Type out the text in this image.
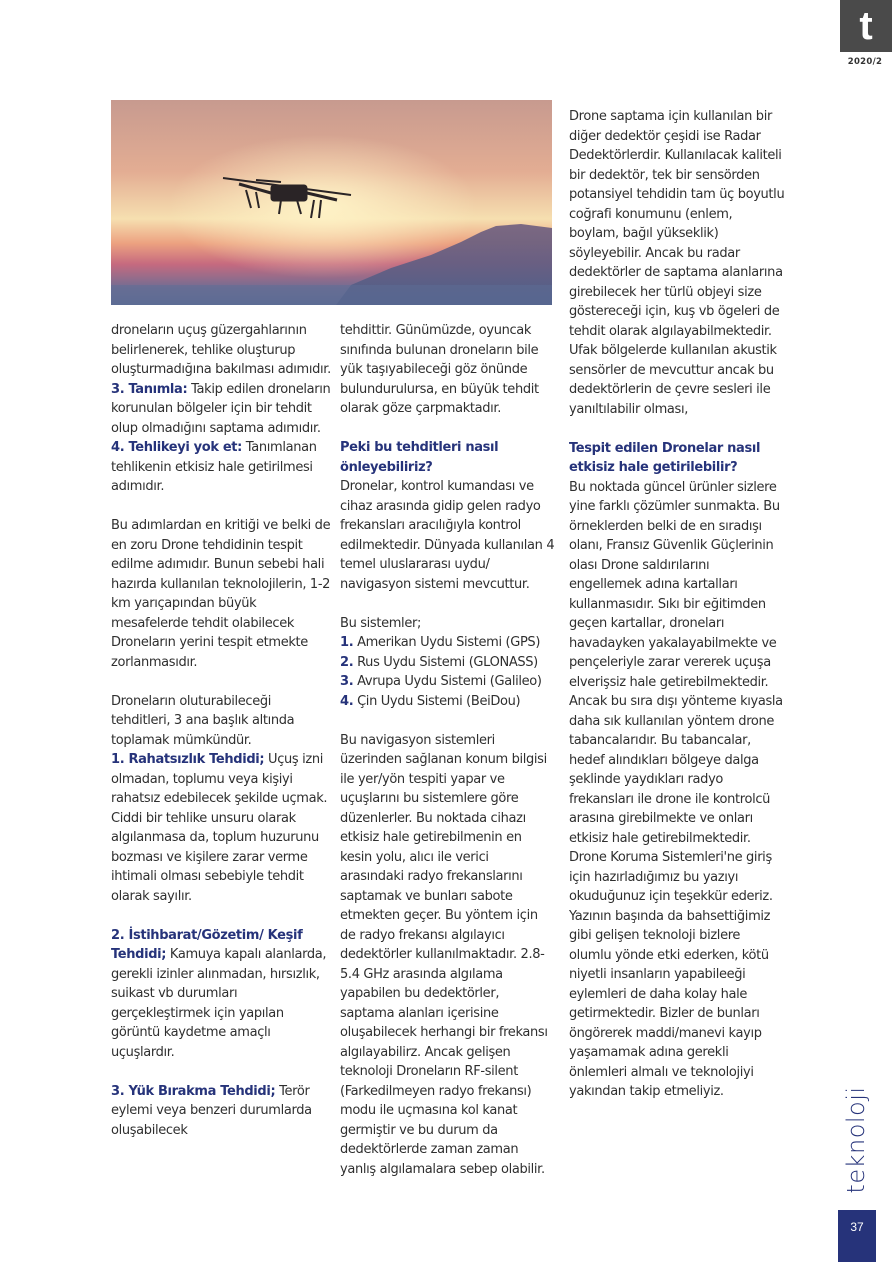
t
2020/2

droneların uçuş güzergahlarının belirlenerek, tehlike oluşturup oluşturmadığına bakılması adımıdır.

3. Tanımla: Takip edilen droneların korunulan bölgeler için bir tehdit olup olmadığını saptama adımıdır.

4. Tehlikeyi yok et: Tanımlanan tehlikenin etkisiz hale getirilmesi adımıdır.

Bu adımlardan en kritiği ve belki de en zoru Drone tehdidinin tespit edilme adımıdır. Bunun sebebi hali hazırda kullanılan teknolojilerin, 1-2 km yarıçapından büyük mesafelerde tehdit olabilecek Droneların yerini tespit etmekte zorlanmasıdır.

Droneların oluturabileceği tehditleri, 3 ana başlık altında toplamak mümkündür.

1. Rahatsızlık Tehdidi; Uçuş izni olmadan, toplumu veya kişiyi rahatsız edebilecek şekilde uçmak. Ciddi bir tehlike unsuru olarak algılanmasa da, toplum huzurunu bozması ve kişilere zarar verme ihtimali olması sebebiyle tehdit olarak sayılır.

2. İstihbarat/Gözetim/ Keşif Tehdidi; Kamuya kapalı alanlarda, gerekli izinler alınmadan, hırsızlık, suikast vb durumları gerçekleştirmek için yapılan görüntü kaydetme amaçlı uçuşlardır.

3. Yük Bırakma Tehdidi; Terör eylemi veya benzeri durumlarda oluşabilecek

tehdittir. Günümüzde, oyuncak sınıfında bulunan droneların bile yük taşıyabileceği göz önünde bulundurulursa, en büyük tehdit olarak göze çarpmaktadır.

Peki bu tehditleri nasıl önleyebiliriz?

Dronelar, kontrol kumandası ve cihaz arasında gidip gelen radyo frekansları aracılığıyla kontrol edilmektedir. Dünyada kullanılan 4 temel uluslararası uydu/ navigasyon sistemi mevcuttur.

Bu sistemler;

1. Amerikan Uydu Sistemi (GPS)

2. Rus Uydu Sistemi (GLONASS)

3. Avrupa Uydu Sistemi (Galileo)

4. Çin Uydu Sistemi (BeiDou)

Bu navigasyon sistemleri üzerinden sağlanan konum bilgisi ile yer/yön tespiti yapar ve uçuşlarını bu sistemlere göre düzenlerler. Bu noktada cihazı etkisiz hale getirebilmenin en kesin yolu, alıcı ile verici arasındaki radyo frekanslarını saptamak ve bunları sabote etmekten geçer. Bu yöntem için de radyo frekansı algılayıcı dedektörler kullanılmaktadır. 2.8-5.4 GHz arasında algılama yapabilen bu dedektörler, saptama alanları içerisine oluşabilecek herhangi bir frekansı algılayabilirz. Ancak gelişen teknoloji Droneların RF-silent (Farkedilmeyen radyo frekansı) modu ile uçmasına kol kanat germiştir ve bu durum da dedektörlerde zaman zaman yanlış algılamalara sebep olabilir.

Drone saptama için kullanılan bir diğer dedektör çeşidi ise Radar Dedektörlerdir. Kullanılacak kaliteli bir dedektör, tek bir sensörden potansiyel tehdidin tam üç boyutlu coğrafi konumunu (enlem, boylam, bağıl yükseklik) söyleyebilir. Ancak bu radar dedektörler de saptama alanlarına girebilecek her türlü objeyi size göstereceği için, kuş vb ögeleri de tehdit olarak algılayabilmektedir. Ufak bölgelerde kullanılan akustik sensörler de mevcuttur ancak bu dedektörlerin de çevre sesleri ile yanıltılabilir olması,

Tespit edilen Dronelar nasıl etkisiz hale getirilebilir?

Bu noktada güncel ürünler sizlere yine farklı çözümler sunmakta. Bu örneklerden belki de en sıradışı olanı, Fransız Güvenlik Güçlerinin olası Drone saldırılarını engellemek adına kartalları kullanmasıdır. Sıkı bir eğitimden geçen kartallar, droneları havadayken yakalayabilmekte ve pençeleriyle zarar vererek uçuşa elverişsiz hale getirebilmektedir. Ancak bu sıra dışı yönteme kıyasla daha sık kullanılan yöntem drone tabancalarıdır. Bu tabancalar, hedef alındıkları bölgeye dalga şeklinde yaydıkları radyo frekansları ile drone ile kontrolcü arasına girebilmekte ve onları etkisiz hale getirebilmektedir. Drone Koruma Sistemleri'ne giriş için hazırladığımız bu yazıyı okuduğunuz için teşekkür ederiz. Yazının başında da bahsettiğimiz gibi gelişen teknoloji bizlere olumlu yönde etki ederken, kötü niyetli insanların yapabileeği eylemleri de daha kolay hale getirmektedir. Bizler de bunları öngörerek maddi/manevi kayıp yaşamamak adına gerekli önlemleri almalı ve teknolojiyi yakından takip etmeliyiz.	teknoloji
37
